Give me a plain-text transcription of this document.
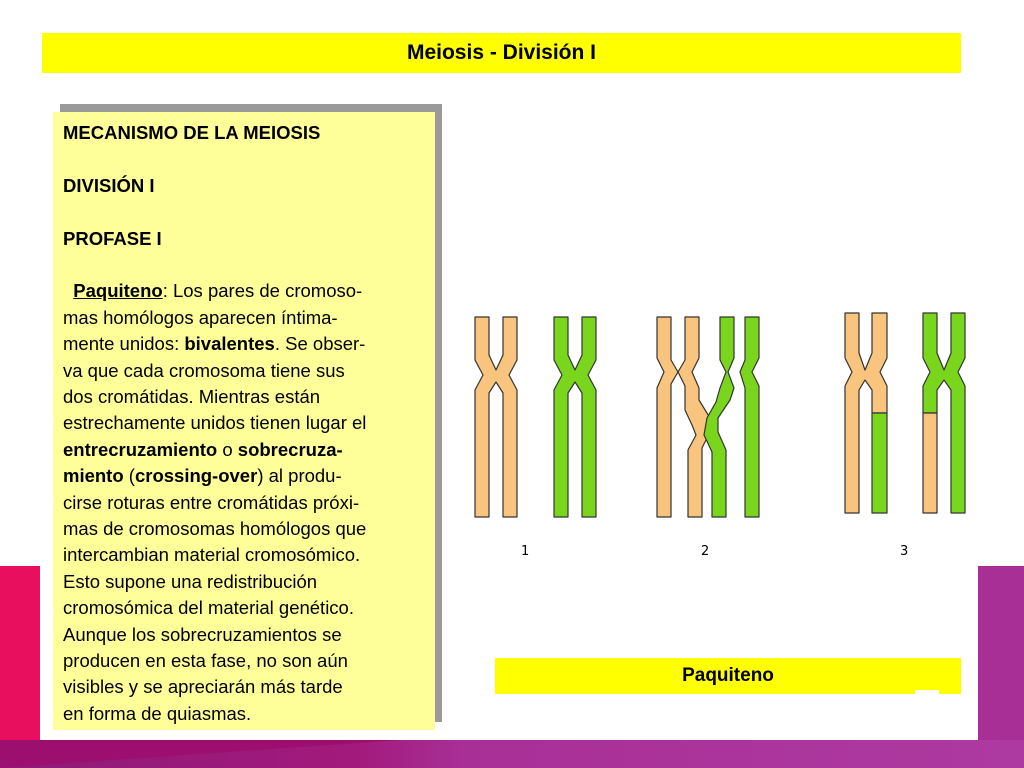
Meiosis - División I

MECANISMO DE LA MEIOSIS

DIVISIÓN I

PROFASE I

Paquiteno: Los pares de cromoso-

mas homólogos aparecen íntima-

mente unidos: bivalentes. Se obser-

va que cada cromosoma tiene sus

dos cromátidas. Mientras están

estrechamente unidos tienen lugar el

entrecruzamiento o sobrecruza-

miento (crossing-over) al produ-

cirse roturas entre cromátidas próxi-

mas de cromosomas homólogos que

intercambian material cromosómico.

Esto supone una redistribución

cromosómica del material genético.

Aunque los sobrecruzamientos se

producen en esta fase, no son aún

visibles y se apreciarán más tarde

en forma de quiasmas.

1	2	3
Paquiteno
